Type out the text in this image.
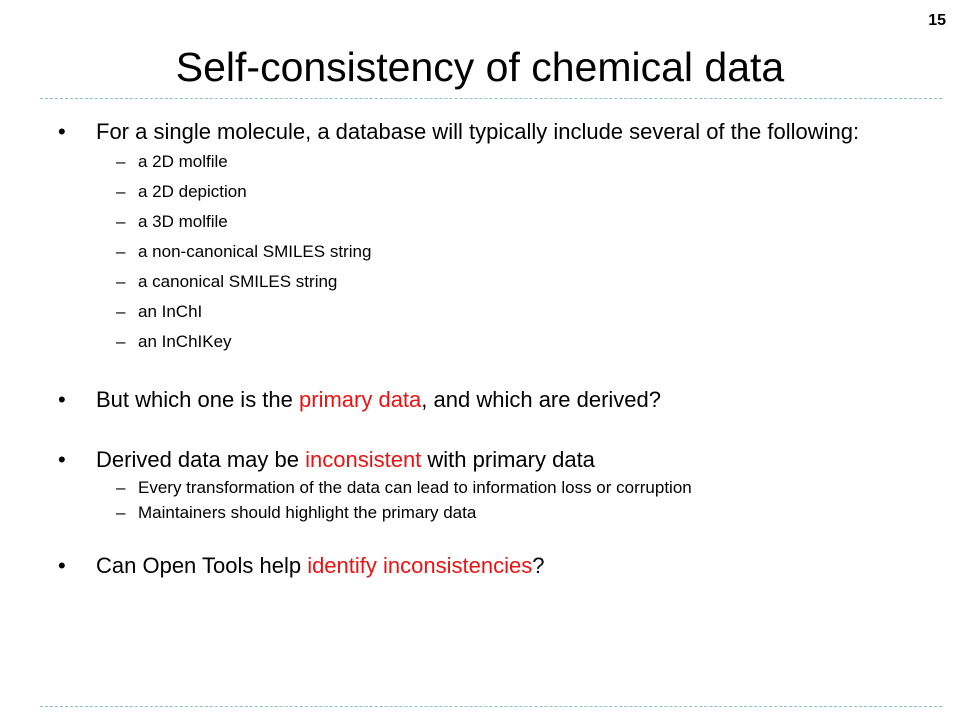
15
Self-consistency of chemical data
• For a single molecule, a database will typically include several of the following:
– a 2D molfile
– a 2D depiction
– a 3D molfile
– a non-canonical SMILES string
– a canonical SMILES string
– an InChI
– an InChIKey
• But which one is the primary data, and which are derived?
• Derived data may be inconsistent with primary data
– Every transformation of the data can lead to information loss or corruption
– Maintainers should highlight the primary data
• Can Open Tools help identify inconsistencies?
